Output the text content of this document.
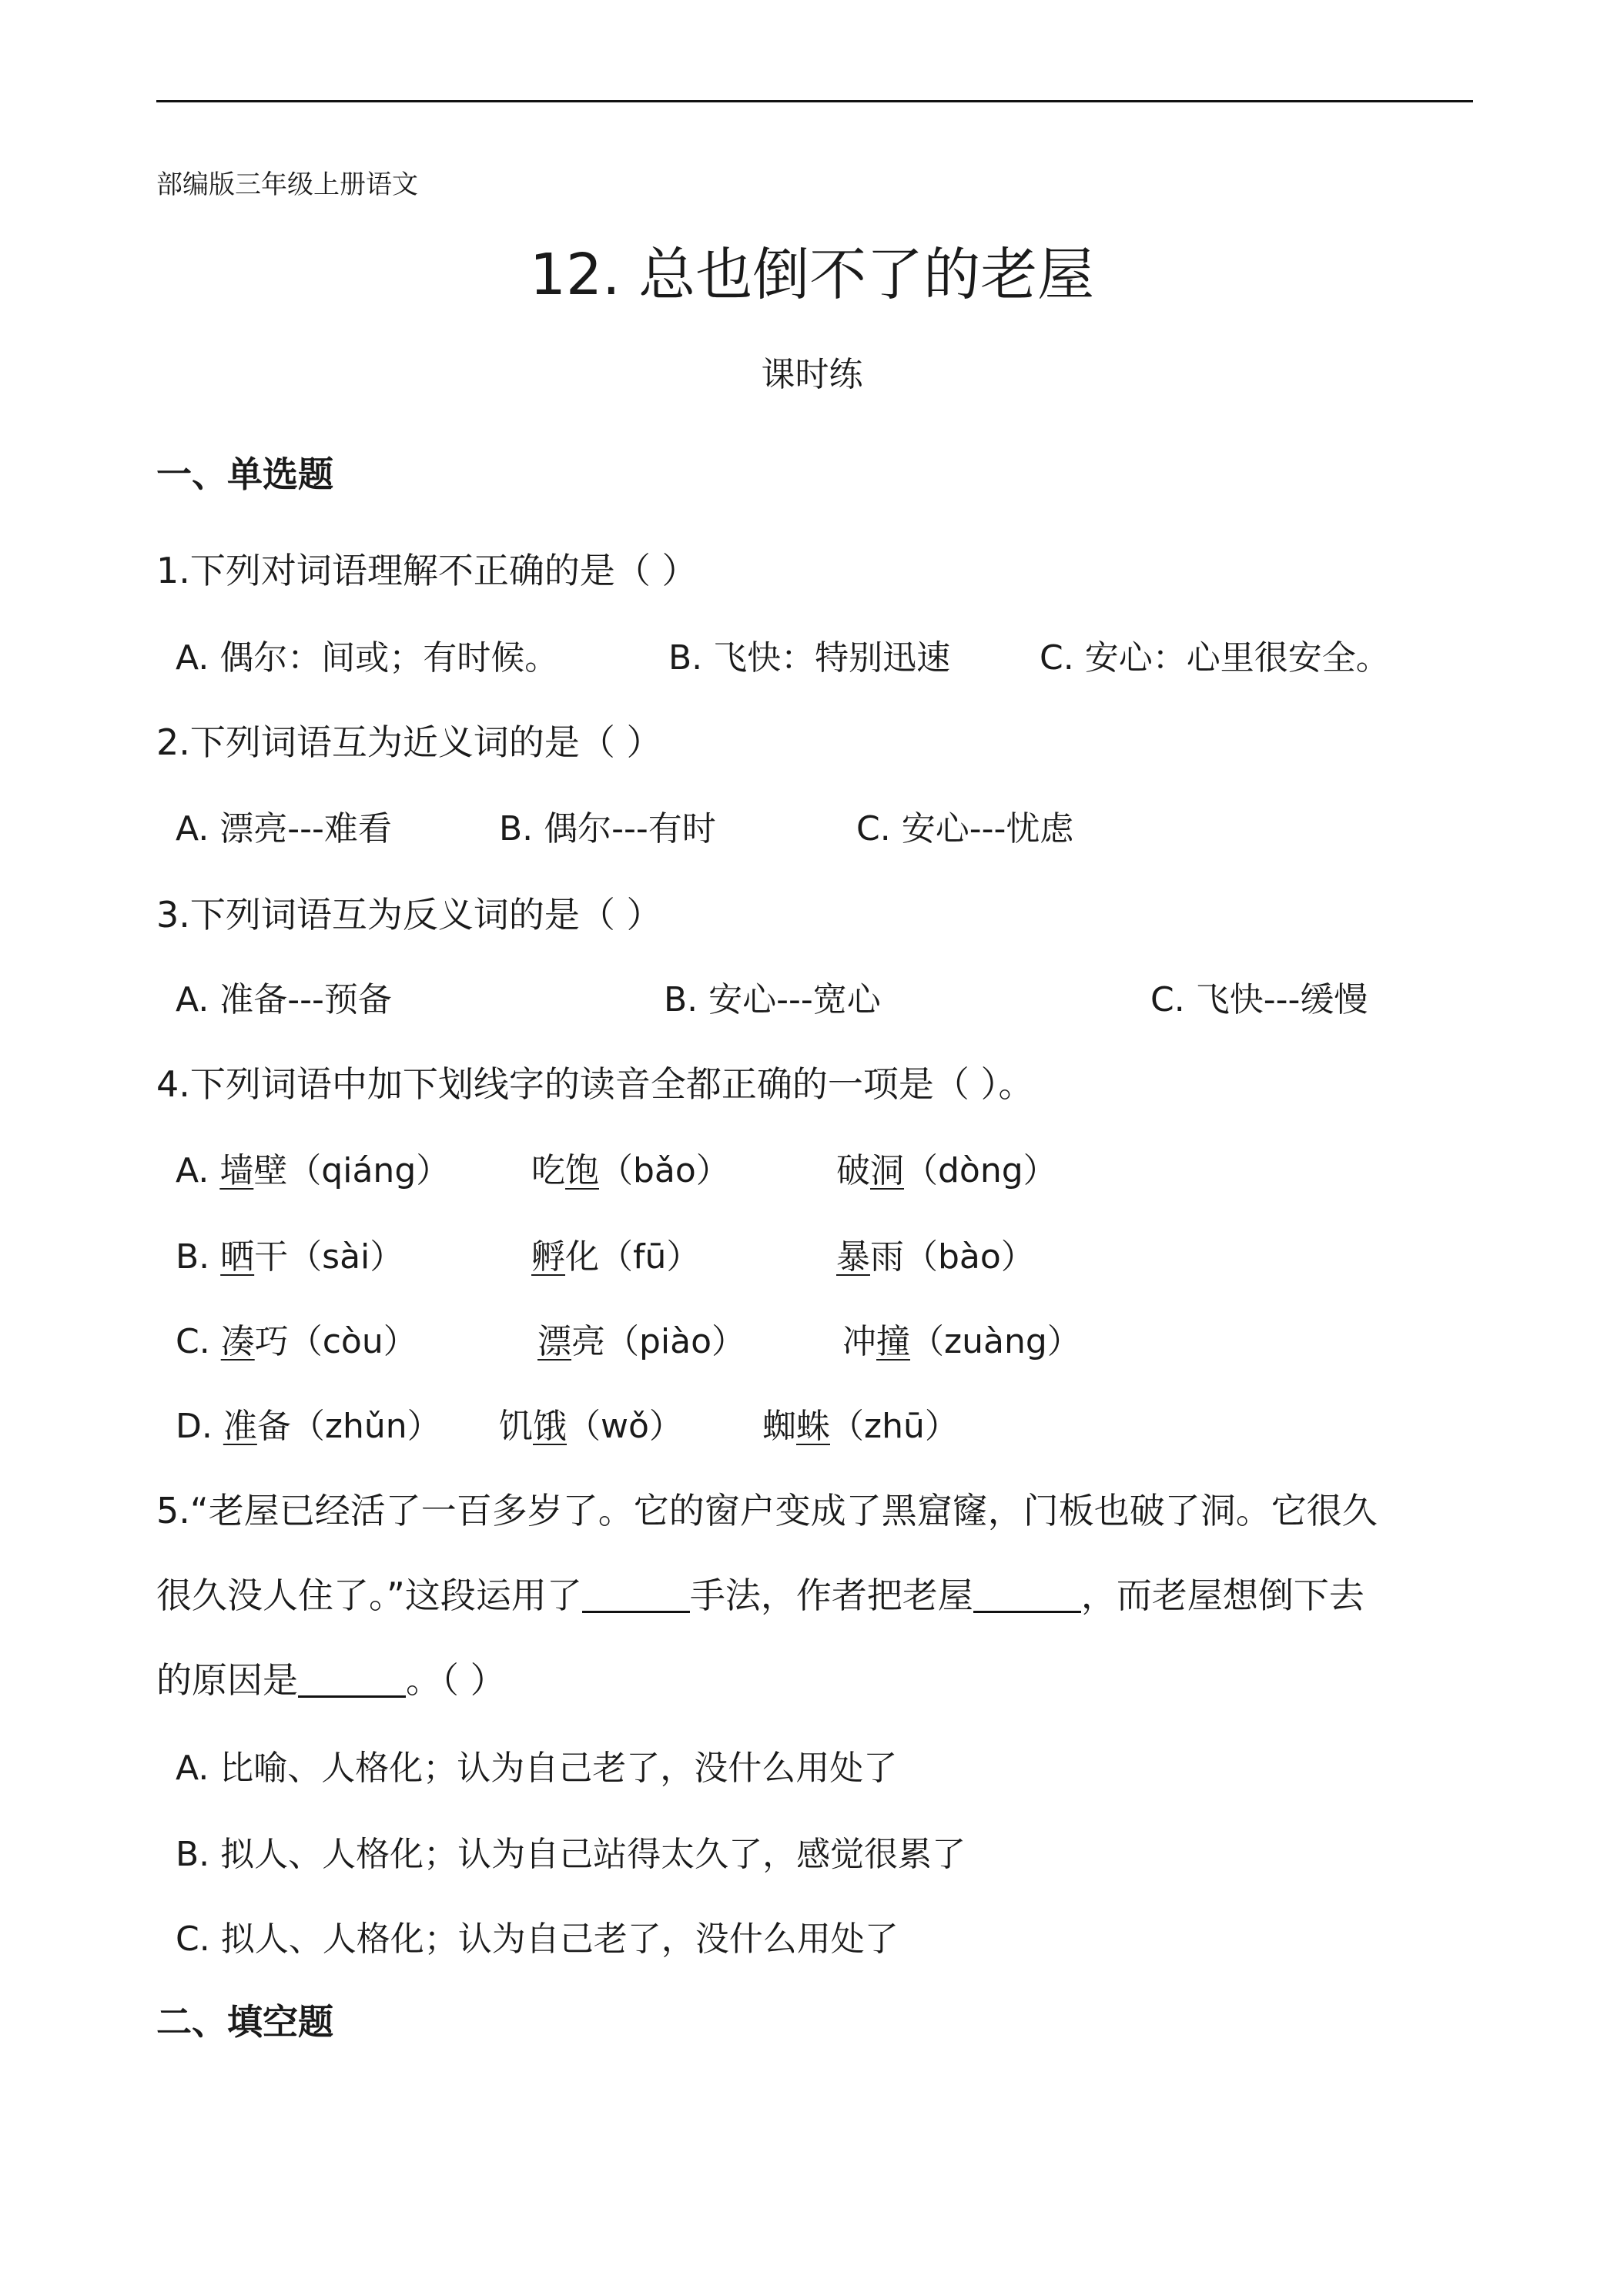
部编版三年级上册语文
12. 总也倒不了的老屋
课时练
一、单选题
1.下列对词语理解不正确的是（ ）
A. 偶尔：间或；有时候。	B. 飞快：特别迅速	C. 安心：心里很安全。
2.下列词语互为近义词的是（ ）
A. 漂亮---难看	B. 偶尔---有时	C. 安心---忧虑
3.下列词语互为反义词的是（ ）
A. 准备---预备	B. 安心---宽心	C. 飞快---缓慢
4.下列词语中加下划线字的读音全都正确的一项是（ ）。
A. 墙壁（qiáng） 吃饱（bǎo）	破洞（dòng）
B. 晒干（sài）	孵化（fū）	暴雨（bào）
C. 凑巧（còu）	漂亮（piào）	冲撞（zuàng）
D. 准备（zhǔn） 饥饿（wǒ） 蜘蛛（zhū）
5.“老屋已经活了一百多岁了。它的窗户变成了黑窟窿，门板也破了洞。它很久
很久没人住了。”这段运用了	手法，作者把老屋	，而老屋想倒下去
的原因是	。（ ）
A. 比喻、人格化；认为自己老了，没什么用处了
B. 拟人、人格化；认为自己站得太久了，感觉很累了
C. 拟人、人格化；认为自己老了，没什么用处了
二、填空题
